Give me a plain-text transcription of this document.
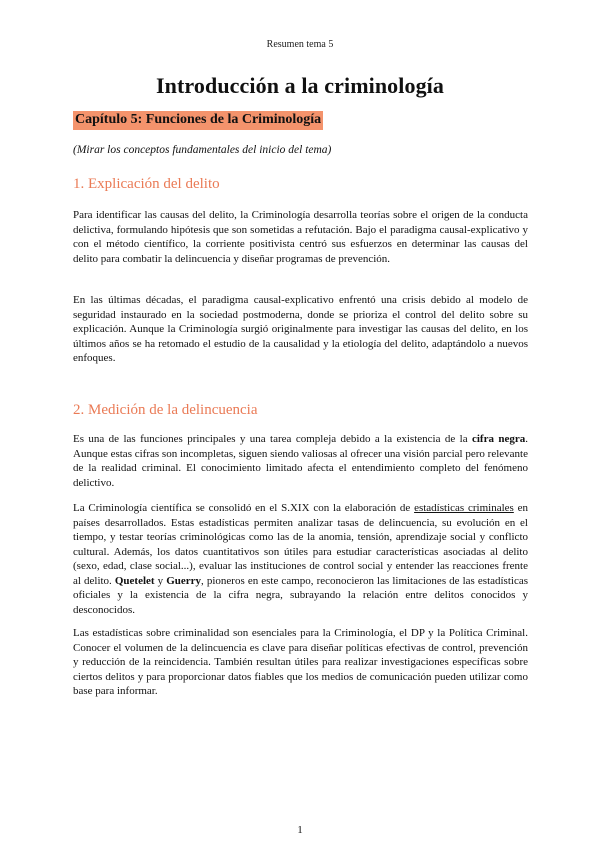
Resumen tema 5
Introducción a la criminología
Capítulo 5: Funciones de la Criminología

(Mirar los conceptos fundamentales del inicio del tema)

1. Explicación del delito

Para identificar las causas del delito, la Criminología desarrolla teorías sobre el origen de la conducta delictiva, formulando hipótesis que son sometidas a refutación. Bajo el paradigma causal-explicativo y con el método científico, la corriente positivista centró sus esfuerzos en determinar las causas del delito para combatir la delincuencia y diseñar programas de prevención.

En las últimas décadas, el paradigma causal-explicativo enfrentó una crisis debido al modelo de seguridad instaurado en la sociedad postmoderna, donde se prioriza el control del delito sobre su explicación. Aunque la Criminología surgió originalmente para investigar las causas del delito, en los últimos años se ha retomado el estudio de la causalidad y la etiología del delito, adaptándolo a nuevos enfoques.

2. Medición de la delincuencia

Es una de las funciones principales y una tarea compleja debido a la existencia de la cifra negra. Aunque estas cifras son incompletas, siguen siendo valiosas al ofrecer una visión parcial pero relevante de la realidad criminal. El conocimiento limitado afecta el entendimiento completo del fenómeno delictivo.

La Criminología científica se consolidó en el S.XIX con la elaboración de estadísticas criminales en países desarrollados. Estas estadísticas permiten analizar tasas de delincuencia, su evolución en el tiempo, y testar teorías criminológicas como las de la anomia, tensión, aprendizaje social y conflicto cultural. Además, los datos cuantitativos son útiles para estudiar características asociadas al delito (sexo, edad, clase social...), evaluar las instituciones de control social y entender las reacciones frente al delito. Quetelet y Guerry, pioneros en este campo, reconocieron las limitaciones de las estadísticas oficiales y la existencia de la cifra negra, subrayando la relación entre delitos conocidos y desconocidos.

Las estadísticas sobre criminalidad son esenciales para la Criminología, el DP y la Política Criminal. Conocer el volumen de la delincuencia es clave para diseñar políticas efectivas de control, prevención y reducción de la reincidencia. También resultan útiles para realizar investigaciones específicas sobre ciertos delitos y para proporcionar datos fiables que los medios de comunicación pueden utilizar como base para informar.

1
